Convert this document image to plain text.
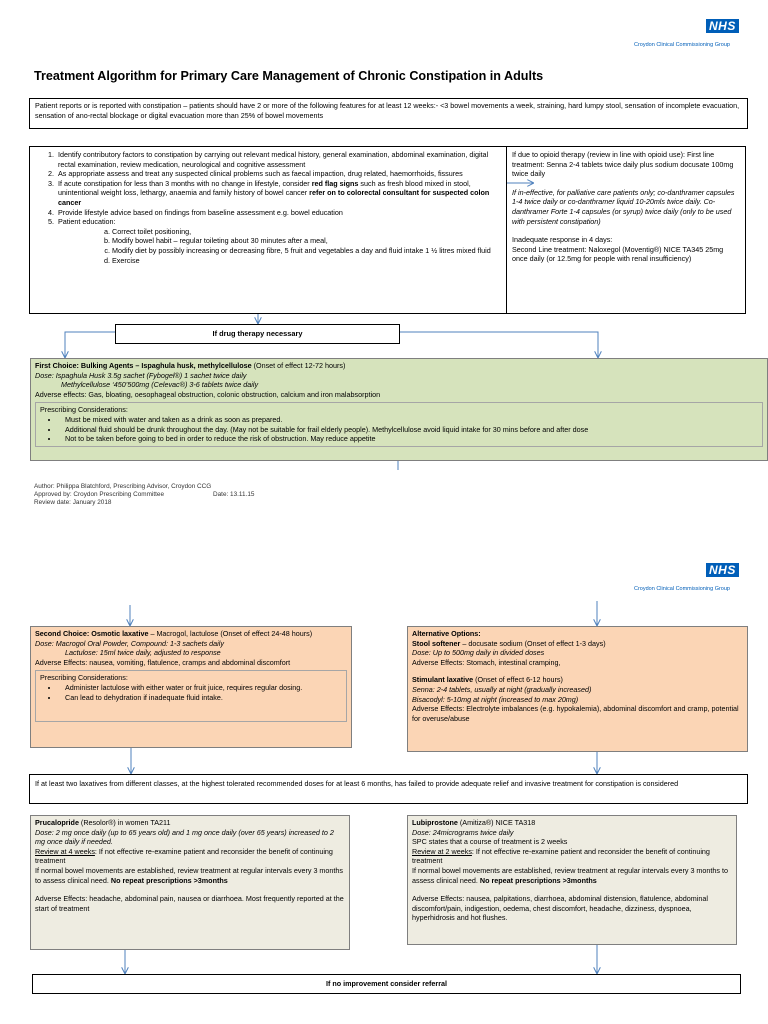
NHS
Croydon Clinical Commissioning Group
Treatment Algorithm for Primary Care Management of Chronic Constipation in Adults

Patient reports or is reported with constipation – patients should have 2 or more of the following features for at least 12 weeks:- <3 bowel movements a week, straining, hard lumpy stool, sensation of incomplete evacuation, sensation of ano-rectal blockage or digital evacuation more than 25% of bowel movements

1. Identify contributory factors to constipation by carrying out relevant medical history, general examination, abdominal examination, digital rectal examination, review medication, neurological and cognitive assessment
2. As appropriate assess and treat any suspected clinical problems such as faecal impaction, drug related, haemorrhoids, fissures
3. If acute constipation for less than 3 months with no change in lifestyle, consider red flag signs such as fresh blood mixed in stool, unintentional weight loss, lethargy, anaemia and family history of bowel cancer refer on to colorectal consultant for suspected colon cancer
4. Provide lifestyle advice based on findings from baseline assessment e.g. bowel education
5. Patient education:
a. Correct toilet positioning,
b. Modify bowel habit – regular toileting about 30 minutes after a meal,
c. Modify diet by possibly increasing or decreasing fibre, 5 fruit and vegetables a day and fluid intake 1 ½ litres mixed fluid
d. Exercise

If due to opioid therapy (review in line with opioid use): First line treatment: Senna 2-4 tablets twice daily plus sodium docusate 100mg twice daily

If in-effective, for palliative care patients only; co-danthramer capsules 1-4 twice daily or co-danthramer liquid 10-20mls twice daily. Co-danthramer Forte 1-4 capsules (or syrup) twice daily (only to be used with persistent constipation)

Inadequate response in 4 days:

Second Line treatment: Naloxegol (Moventig®) NICE TA345 25mg once daily (or 12.5mg for people with renal insufficiency)

If drug therapy necessary

First Choice: Bulking Agents – Ispaghula husk, methylcellulose (Onset of effect 12-72 hours)

Dose: Ispaghula Husk 3.5g sachet (Fybogel®) 1 sachet twice daily

Methylcellulose ‘450’500mg (Celevac®) 3-6 tablets twice daily

Adverse effects: Gas, bloating, oesophageal obstruction, colonic obstruction, calcium and iron malabsorption

Prescribing Considerations:

• Must be mixed with water and taken as a drink as soon as prepared.
• Additional fluid should be drunk throughout the day. (May not be suitable for frail elderly people). Methylcellulose avoid liquid intake for 30 mins before and after dose
• Not to be taken before going to bed in order to reduce the risk of obstruction. May reduce appetite
Author: Philippa Blatchford, Prescribing Advisor, Croydon CCG
Approved by: Croydon Prescribing Committee	Date: 13.11.15
Review date: January 2018
NHS
Croydon Clinical Commissioning Group

Second Choice: Osmotic laxative – Macrogol, lactulose (Onset of effect 24-48 hours)

Dose: Macrogol Oral Powder, Compound: 1-3 sachets daily

Lactulose: 15ml twice daily, adjusted to response

Adverse Effects: nausea, vomiting, flatulence, cramps and abdominal discomfort

Prescribing Considerations:

• Administer lactulose with either water or fruit juice, requires regular dosing.
• Can lead to dehydration if inadequate fluid intake.

Alternative Options:

Stool softener – docusate sodium (Onset of effect 1-3 days)

Dose: Up to 500mg daily in divided doses

Adverse Effects: Stomach, intestinal cramping,

Stimulant laxative (Onset of effect 6-12 hours)

Senna: 2-4 tablets, usually at night (gradually increased)

Bisacodyl: 5-10mg at night (increased to max 20mg)

Adverse Effects: Electrolyte imbalances (e.g. hypokalemia), abdominal discomfort and cramp, potential for overuse/abuse

If at least two laxatives from different classes, at the highest tolerated recommended doses for at least 6 months, has failed to provide adequate relief and invasive treatment for constipation is considered

Prucalopride (Resolor®) in women TA211

Dose: 2 mg once daily (up to 65 years old) and 1 mg once daily (over 65 years) increased to 2 mg once daily if needed.

Review at 4 weeks: If not effective re-examine patient and reconsider the benefit of continuing treatment

If normal bowel movements are established, review treatment at regular intervals every 3 months to assess clinical need. No repeat prescriptions >3months

Adverse Effects: headache, abdominal pain, nausea or diarrhoea. Most frequently reported at the start of treatment

Lubiprostone (Amitiza®) NICE TA318

Dose: 24micrograms twice daily

SPC states that a course of treatment is 2 weeks

Review at 2 weeks: If not effective re-examine patient and reconsider the benefit of continuing treatment

If normal bowel movements are established, review treatment at regular intervals every 3 months to assess clinical need. No repeat prescriptions >3months

Adverse Effects: nausea, palpitations, diarrhoea, abdominal distension, flatulence, abdominal discomfort/pain, indigestion, oedema, chest discomfort, headache, dizziness, dyspnoea, hyperhidrosis and hot flushes.

If no improvement consider referral
